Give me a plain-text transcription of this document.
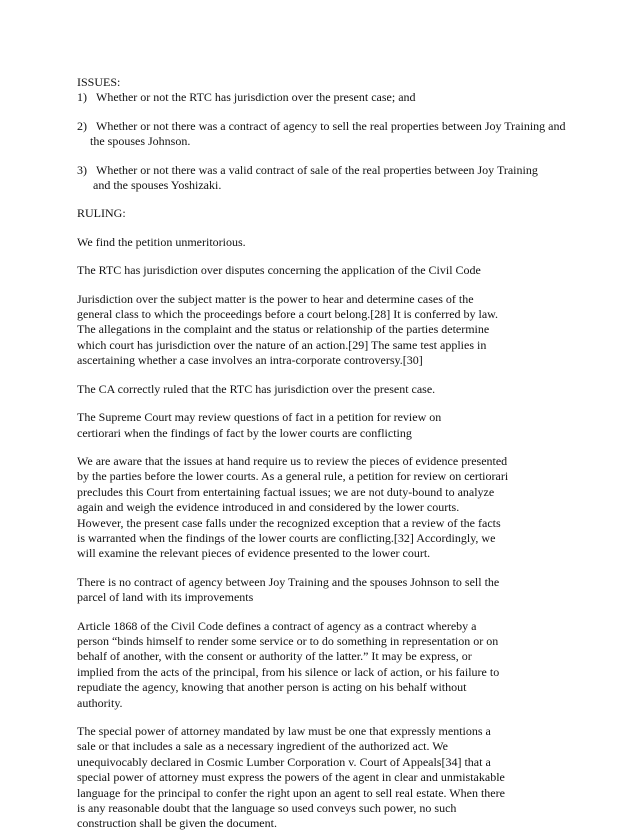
ISSUES:
1)   Whether or not the RTC has jurisdiction over the present case; and
2)   Whether or not there was a contract of agency to sell the real properties between Joy Training and
the spouses Johnson.
3)   Whether or not there was a valid contract of sale of the real properties between Joy Training
and the spouses Yoshizaki.
RULING:
We find the petition unmeritorious.
The RTC has jurisdiction over disputes concerning the application of the Civil Code
Jurisdiction over the subject matter is the power to hear and determine cases of the
general class to which the proceedings before a court belong.[28] It is conferred by law.
The allegations in the complaint and the status or relationship of the parties determine
which court has jurisdiction over the nature of an action.[29] The same test applies in
ascertaining whether a case involves an intra-corporate controversy.[30]
The CA correctly ruled that the RTC has jurisdiction over the present case.
The Supreme Court may review questions of fact in a petition for review on
certiorari when the findings of fact by the lower courts are conflicting
We are aware that the issues at hand require us to review the pieces of evidence presented
by the parties before the lower courts. As a general rule, a petition for review on certiorari
precludes this Court from entertaining factual issues; we are not duty-bound to analyze
again and weigh the evidence introduced in and considered by the lower courts.
However, the present case falls under the recognized exception that a review of the facts
is warranted when the findings of the lower courts are conflicting.[32] Accordingly, we
will examine the relevant pieces of evidence presented to the lower court.
There is no contract of agency between Joy Training and the spouses Johnson to sell the
parcel of land with its improvements
Article 1868 of the Civil Code defines a contract of agency as a contract whereby a
person “binds himself to render some service or to do something in representation or on
behalf of another, with the consent or authority of the latter.” It may be express, or
implied from the acts of the principal, from his silence or lack of action, or his failure to
repudiate the agency, knowing that another person is acting on his behalf without
authority.
The special power of attorney mandated by law must be one that expressly mentions a
sale or that includes a sale as a necessary ingredient of the authorized act. We
unequivocably declared in Cosmic Lumber Corporation v. Court of Appeals[34] that a
special power of attorney must express the powers of the agent in clear and unmistakable
language for the principal to confer the right upon an agent to sell real estate. When there
is any reasonable doubt that the language so used conveys such power, no such
construction shall be given the document.
